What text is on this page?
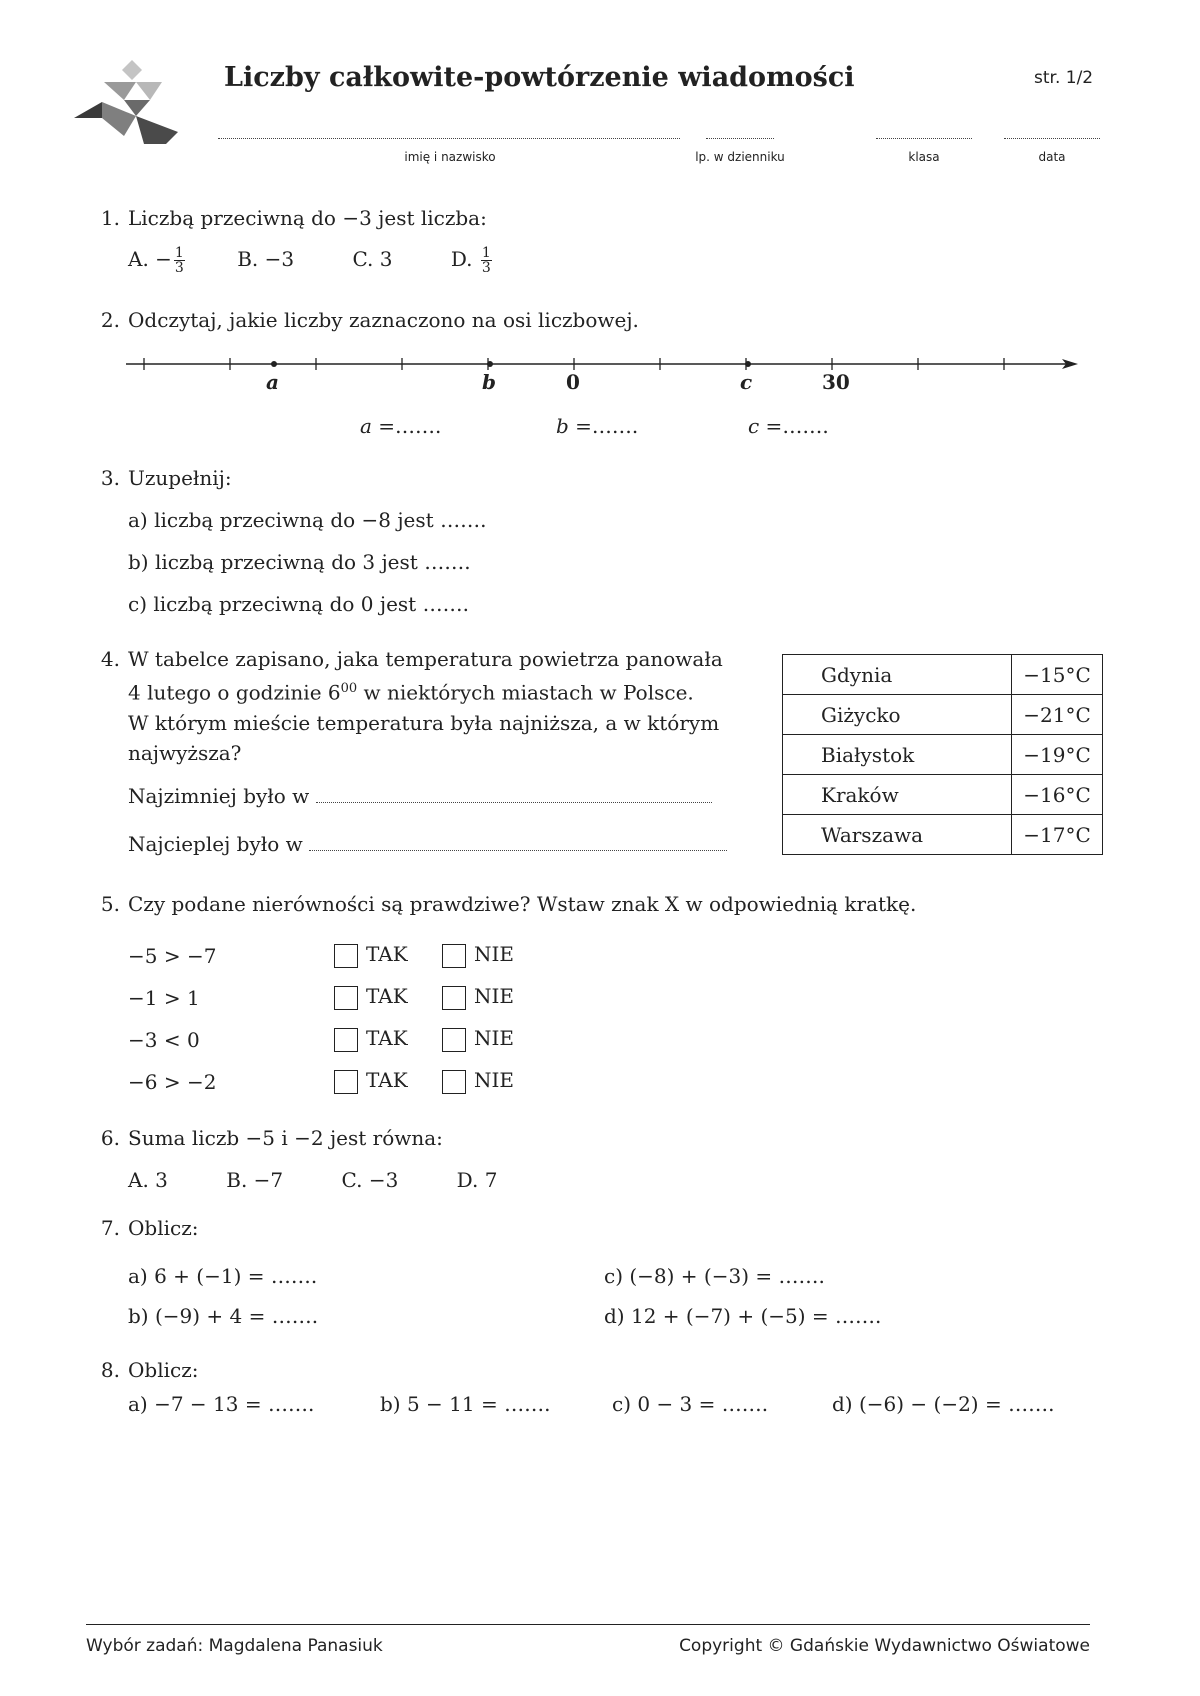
Liczby całkowite-powtórzenie wiadomości	str. 1/2
imię i nazwisko	lp. w dzienniku	klasa	data
1. Liczbą przeciwną do −3 jest liczba:
A. − $\frac{1}{3}$	B. −3	C. 3	D. $\frac{1}{3}$
2. Odczytaj, jakie liczby zaznaczono na osi liczbowej.
a	b	0	c	30
a =…….	b =…….	c =…….
3. Uzupełnij:
a) liczbą przeciwną do −8 jest …….
b) liczbą przeciwną do 3 jest …….
c) liczbą przeciwną do 0 jest …….
4. W tabelce zapisano, jaka temperatura powietrza panowała
4 lutego o godzinie $6^{00}$ w niektórych miastach w Polsce.
W którym mieście temperatura była najniższa, a w którym
najwyższa?
Najzimniej było w
Najcieplej było w
Gdynia	−15°C
Giżycko	−21°C
Białystok	−19°C
Kraków	−16°C
Warszawa	−17°C
5. Czy podane nierówności są prawdziwe? Wstaw znak X w odpowiednią kratkę.
−5 > −7	TAK	NIE
−1 > 1	TAK	NIE
−3 < 0	TAK	NIE
−6 > −2	TAK	NIE
6. Suma liczb −5 i −2 jest równa:
A. 3	B. −7	C. −3	D. 7
7. Oblicz:
a) 6 + (−1) = …….
b) (−9) + 4 = …….
c) (−8) + (−3) = …….
d) 12 + (−7) + (−5) = …….
8. Oblicz:
a) −7 − 13 = …….	b) 5 − 11 = …….	c) 0 − 3 = …….	d) (−6) − (−2) = …….
Wybór zadań: Magdalena Panasiuk	Copyright © Gdańskie Wydawnictwo Oświatowe
